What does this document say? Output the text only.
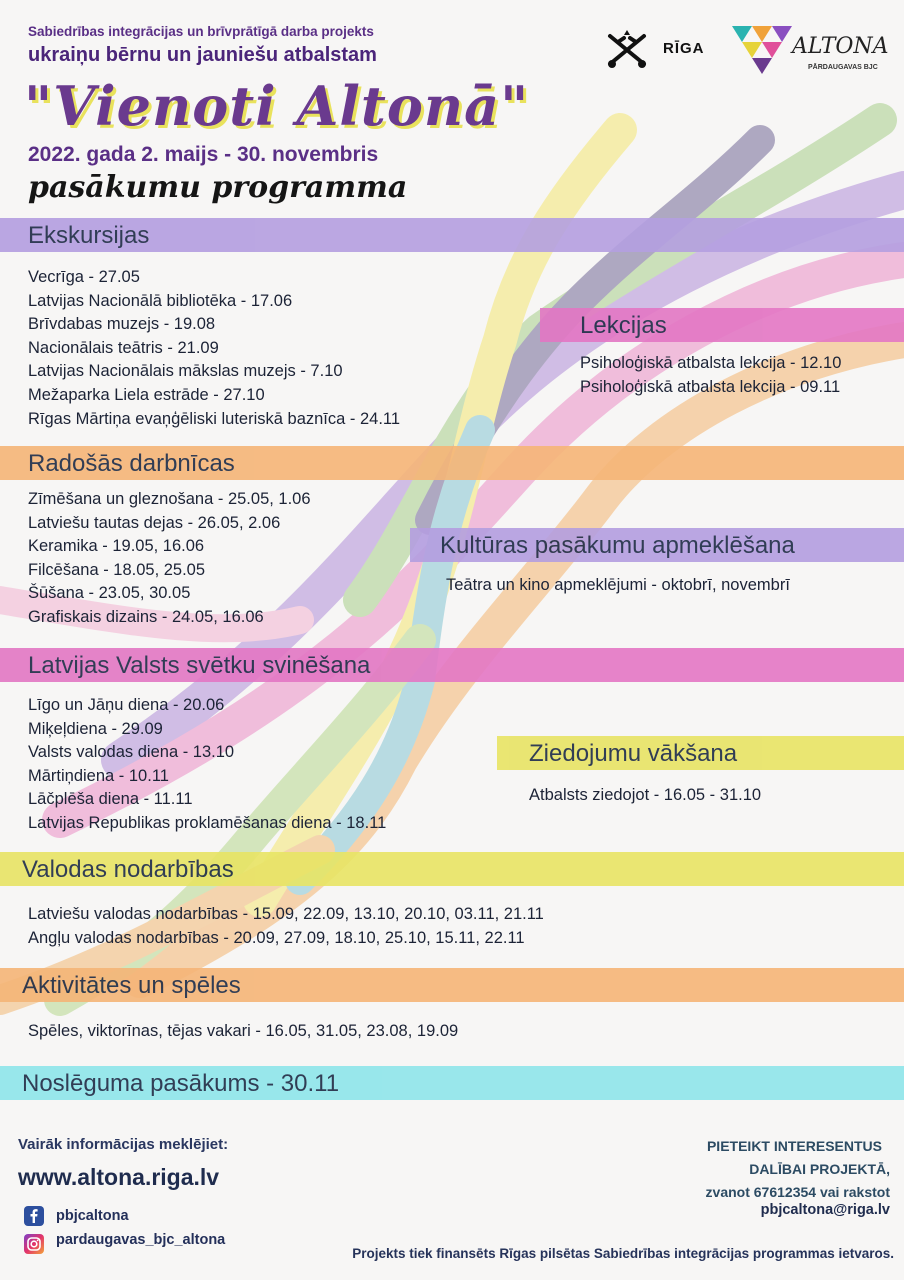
Sabiedrības integrācijas un brīvprātīgā darba projekts
ukraiņu bērnu un jauniešu atbalstam
"Vienoti Altonā"
2022. gada 2. maijs - 30. novembris
pasākumu programma
RĪGA	ALTONA
PĀRDAUGAVAS BJC
Ekskursijas
Vecrīga - 27.05
Latvijas Nacionālā bibliotēka - 17.06
Brīvdabas muzejs - 19.08
Nacionālais teātris - 21.09
Latvijas Nacionālais mākslas muzejs - 7.10
Mežaparka Liela estrāde - 27.10
Rīgas Mārtiņa evaņģēliski luteriskā baznīca - 24.11
Lekcijas
Psiholoģiskā atbalsta lekcija - 12.10
Psiholoģiskā atbalsta lekcija - 09.11
Radošās darbnīcas
Zīmēšana un gleznošana - 25.05, 1.06
Latviešu tautas dejas - 26.05, 2.06
Keramika - 19.05, 16.06
Filcēšana - 18.05, 25.05
Šūšana - 23.05, 30.05
Grafiskais dizains - 24.05, 16.06
Kultūras pasākumu apmeklēšana
Teātra un kino apmeklējumi - oktobrī, novembrī
Latvijas Valsts svētku svinēšana
Līgo un Jāņu diena - 20.06
Miķeļdiena - 29.09
Valsts valodas diena - 13.10
Mārtiņdiena - 10.11
Lāčplēša diena - 11.11
Latvijas Republikas proklamēšanas diena - 18.11
Ziedojumu vākšana
Atbalsts ziedojot - 16.05 - 31.10
Valodas nodarbības
Latviešu valodas nodarbības - 15.09, 22.09, 13.10, 20.10, 03.11, 21.11
Angļu valodas nodarbības - 20.09, 27.09, 18.10, 25.10, 15.11, 22.11
Aktivitātes un spēles
Spēles, viktorīnas, tējas vakari - 16.05, 31.05, 23.08, 19.09
Noslēguma pasākums - 30.11
Vairāk informācijas meklējiet:
www.altona.riga.lv
pbjcaltona
pardaugavas_bjc_altona
PIETEIKT INTERESENTUS
DALĪBAI PROJEKTĀ,
zvanot 67612354 vai rakstot
pbjcaltona@riga.lv
Projekts tiek finansēts Rīgas pilsētas Sabiedrības integrācijas programmas ietvaros.
